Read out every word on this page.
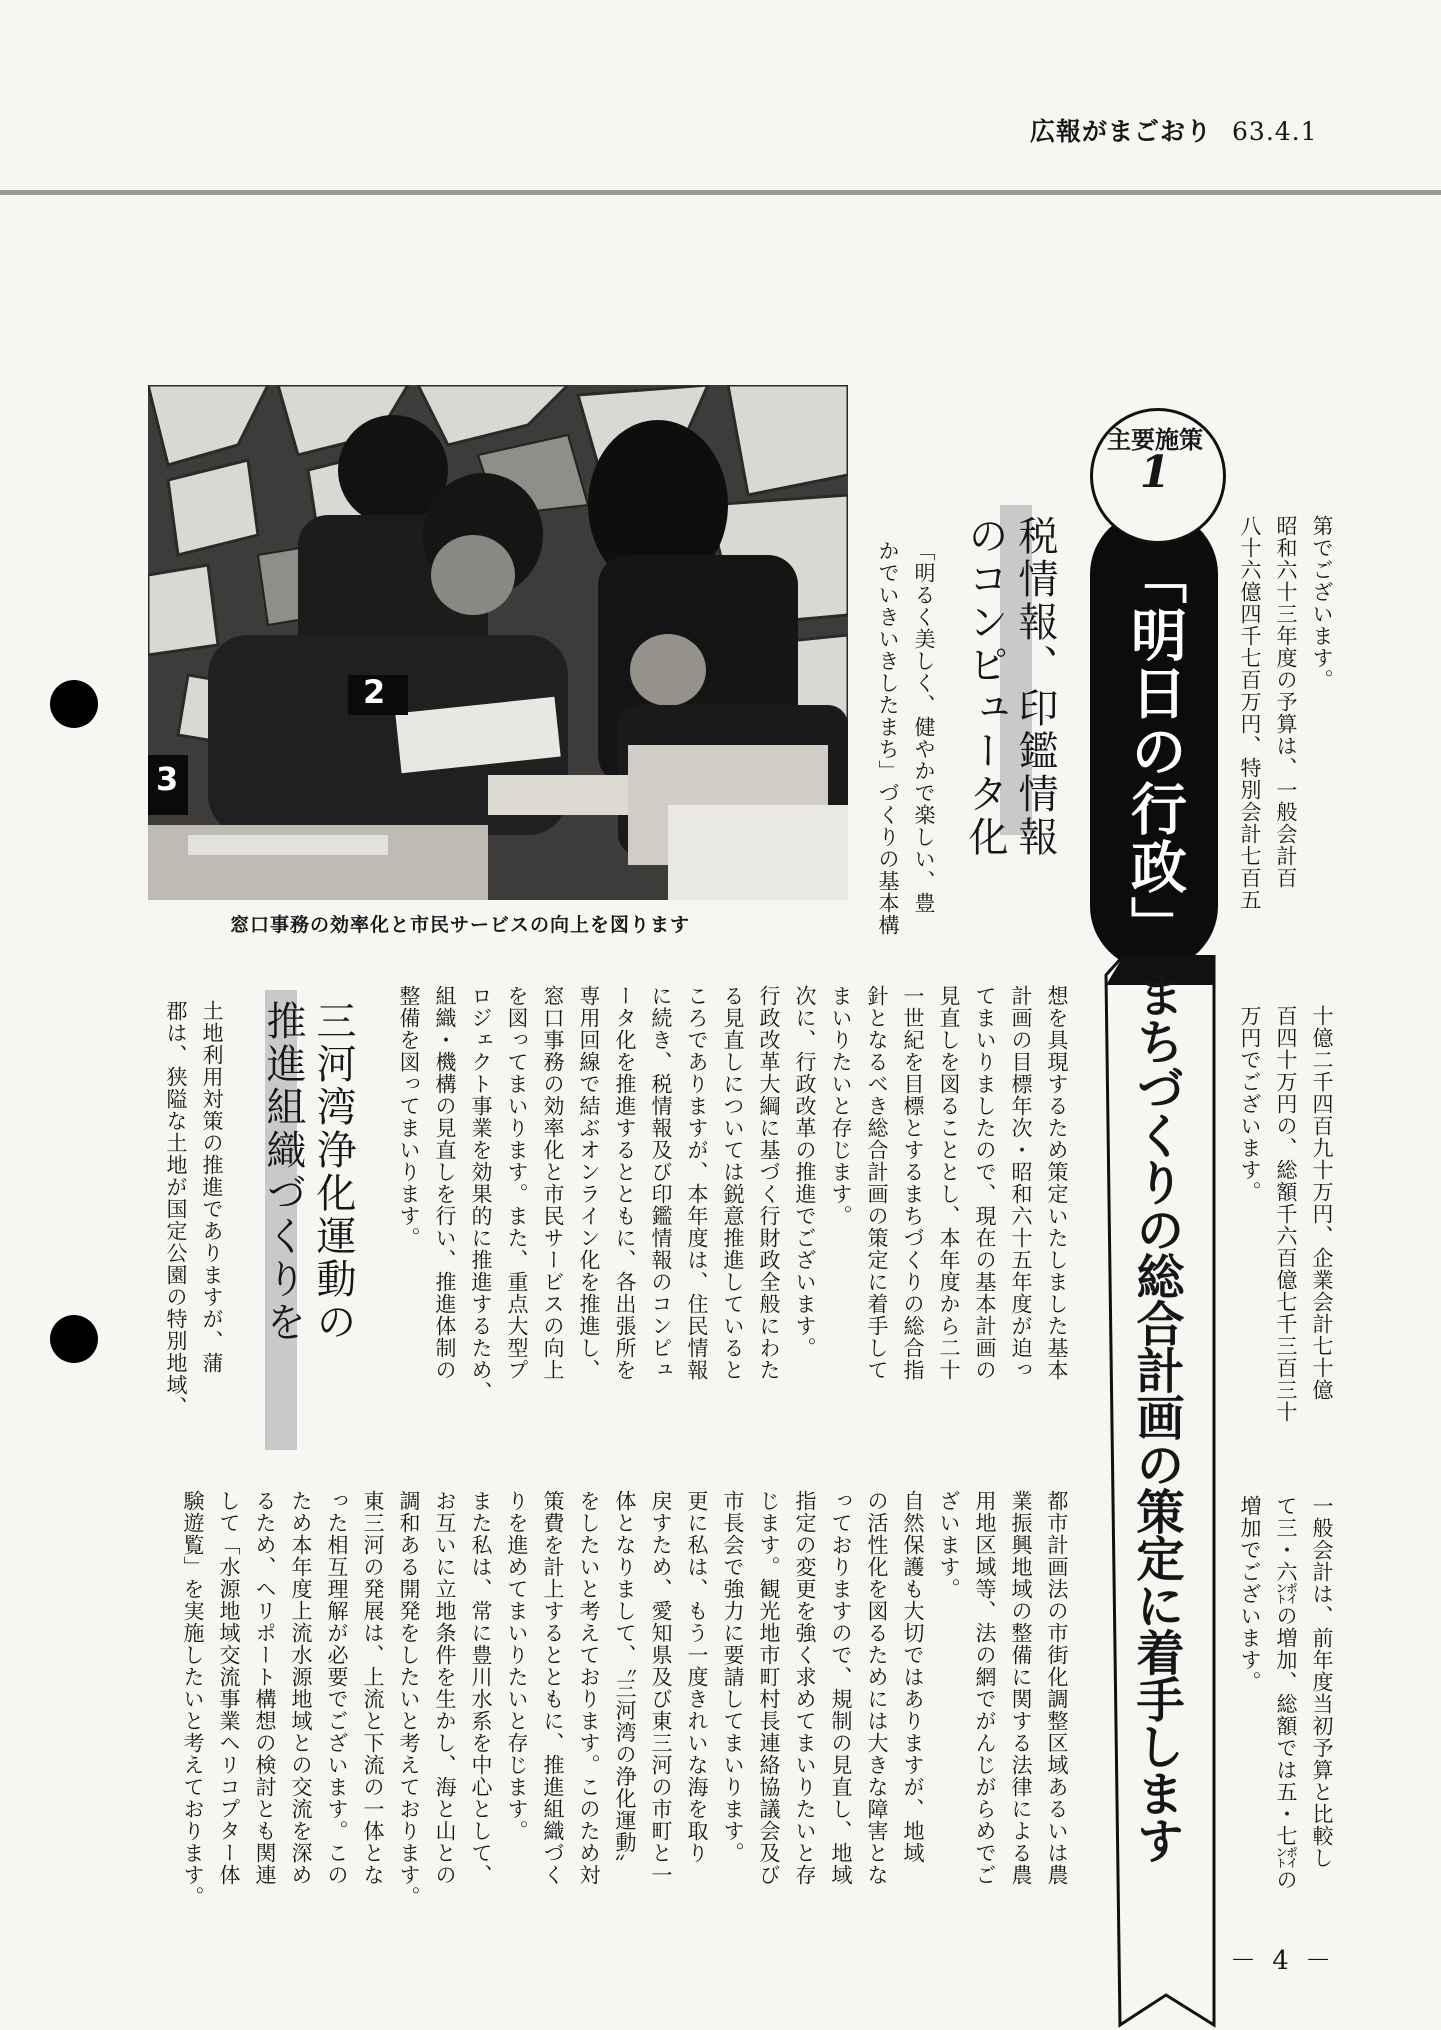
広報がまごおり 63.4.1
2
3
窓口事務の効率化と市民サービスの向上を図ります
主要施策
1
「明日の行政」
まちづくりの総合計画の策定に着手します
税情報、印鑑情報
のコンピュータ化
三河湾浄化運動の
推進組織づくりを

第でございます。
昭和六十三年度の予算は、一般会計百
八十六億四千七百万円、特別会計七百五

十億二千四百九十万円、企業会計七十億
百四十万円の、総額千六百億七千三百三十
万円でございます。

一般会計は、前年度当初予算と比較し
て三・六㌽の増加、総額では五・七㌽の
増加でございます。

想を具現するため策定いたしました基本
計画の目標年次・昭和六十五年度が迫っ
てまいりましたので、現在の基本計画の
見直しを図ることとし、本年度から二十
一世紀を目標とするまちづくりの総合指
針となるべき総合計画の策定に着手して
まいりたいと存じます。
次に、行政改革の推進でございます。
行政改革大綱に基づく行財政全般にわた
る見直しについては鋭意推進していると
ころでありますが、本年度は、住民情報
に続き、税情報及び印鑑情報のコンピュ
ータ化を推進するとともに、各出張所を
専用回線で結ぶオンライン化を推進し、
窓口事務の効率化と市民サービスの向上
を図ってまいります。また、重点大型プ
ロジェクト事業を効果的に推進するため、
組織・機構の見直しを行い、推進体制の
整備を図ってまいります。

都市計画法の市街化調整区域あるいは農
業振興地域の整備に関する法律による農
用地区域等、法の網でがんじがらめでご
ざいます。
自然保護も大切ではありますが、地域
の活性化を図るためには大きな障害とな
っておりますので、規制の見直し、地域
指定の変更を強く求めてまいりたいと存
じます。観光地市町村長連絡協議会及び
市長会で強力に要請してまいります。
更に私は、もう一度きれいな海を取り
戻すため、愛知県及び東三河の市町と一
体となりまして、〝三河湾の浄化運動〟
をしたいと考えております。このため対
策費を計上するとともに、推進組織づく
りを進めてまいりたいと存じます。
また私は、常に豊川水系を中心として、
お互いに立地条件を生かし、海と山との
調和ある開発をしたいと考えております。
東三河の発展は、上流と下流の一体とな
った相互理解が必要でございます。この
ため本年度上流水源地域との交流を深め
るため、ヘリポート構想の検討とも関連
して「水源地域交流事業ヘリコプター体
験遊覧」を実施したいと考えております。

「明るく美しく、健やかで楽しい、豊
かでいきいきしたまち」づくりの基本構

土地利用対策の推進でありますが、蒲
郡は、狭隘な土地が国定公園の特別地域、

－ 4 －
